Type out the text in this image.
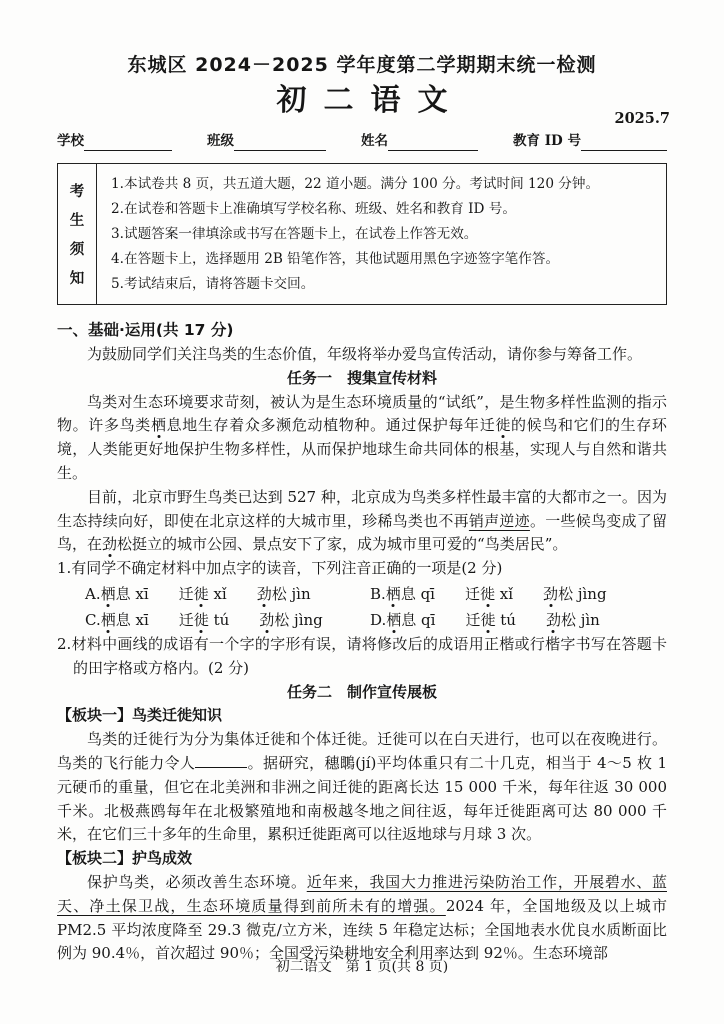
东城区 2024－2025 学年度第二学期期末统一检测
初二语文
2025.7
学校	班级	姓名	教育 ID 号
考
生
须
知
1.本试卷共 8 页，共五道大题，22 道小题。满分 100 分。考试时间 120 分钟。
2.在试卷和答题卡上准确填写学校名称、班级、姓名和教育 ID 号。
3.试题答案一律填涂或书写在答题卡上，在试卷上作答无效。
4.在答题卡上，选择题用 2B 铅笔作答，其他试题用黑色字迹签字笔作答。
5.考试结束后，请将答题卡交回。
一、基础·运用(共 17 分)
为鼓励同学们关注鸟类的生态价值，年级将举办爱鸟宣传活动，请你参与筹备工作。
任务一　搜集宣传材料
鸟类对生态环境要求苛刻，被认为是生态环境质量的“试纸”，是生物多样性监测的指示物。许多鸟类栖息地生存着众多濒危动植物种。通过保护每年迁徙的候鸟和它们的生存环境，人类能更好地保护生物多样性，从而保护地球生命共同体的根基，实现人与自然和谐共生。
目前，北京市野生鸟类已达到 527 种，北京成为鸟类多样性最丰富的大都市之一。因为生态持续向好，即使在北京这样的大城市里，珍稀鸟类也不再销声逆迹。一些候鸟变成了留鸟，在劲松挺立的城市公园、景点安下了家，成为城市里可爱的“鸟类居民”。
1.有同学不确定材料中加点字的读音，下列注音正确的一项是(2 分)
A.栖息 xī　　迁徙 xǐ　　劲松 jìn	B.栖息 qī　　迁徙 xǐ　　劲松 jìng
C.栖息 xī　　迁徙 tú　　劲松 jìng	D.栖息 qī　　迁徙 tú　　劲松 jìn
2.材料中画线的成语有一个字的字形有误，请将修改后的成语用正楷或行楷字书写在答题卡的田字格或方格内。(2 分)
任务二　制作宣传展板
【板块一】鸟类迁徙知识
鸟类的迁徙行为分为集体迁徙和个体迁徙。迁徙可以在白天进行，也可以在夜晚进行。鸟类的飞行能力令人	。据研究，穗䳭(jí)平均体重只有二十几克，相当于 4～5 枚 1 元硬币的重量，但它在北美洲和非洲之间迁徙的距离长达 15 000 千米，每年往返 30 000 千米。北极燕鸥每年在北极繁殖地和南极越冬地之间往返，每年迁徙距离可达 80 000 千米，在它们三十多年的生命里，累积迁徙距离可以往返地球与月球 3 次。
【板块二】护鸟成效
保护鸟类，必须改善生态环境。近年来，我国大力推进污染防治工作，开展碧水、蓝天、净土保卫战，生态环境质量得到前所未有的增强。2024 年，全国地级及以上城市 PM2.5 平均浓度降至 29.3 微克/立方米，连续 5 年稳定达标；全国地表水优良水质断面比例为 90.4％，首次超过 90％；全国受污染耕地安全利用率达到 92％。生态环境部
初二语文　第 1 页(共 8 页)
